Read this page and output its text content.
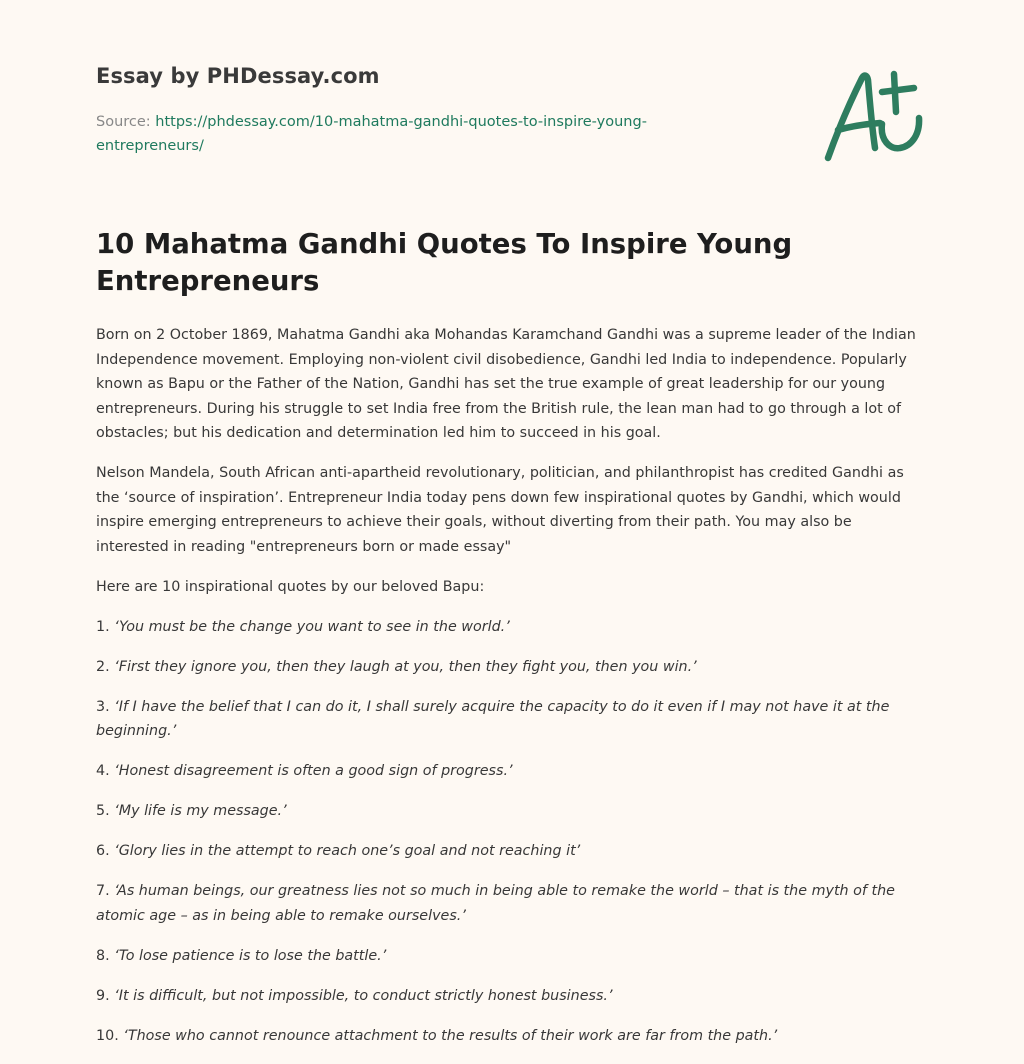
Essay by PHDessay.com
Source: https://phdessay.com/10-mahatma-gandhi-quotes-to-inspire-young-entrepreneurs/
10 Mahatma Gandhi Quotes To Inspire Young Entrepreneurs

Born on 2 October 1869, Mahatma Gandhi aka Mohandas Karamchand Gandhi was a supreme leader of the Indian Independence movement. Employing non-violent civil disobedience, Gandhi led India to independence. Popularly known as Bapu or the Father of the Nation, Gandhi has set the true example of great leadership for our young entrepreneurs. During his struggle to set India free from the British rule, the lean man had to go through a lot of obstacles; but his dedication and determination led him to succeed in his goal.

Nelson Mandela, South African anti-apartheid revolutionary, politician, and philanthropist has credited Gandhi as the ‘source of inspiration’. Entrepreneur India today pens down few inspirational quotes by Gandhi, which would inspire emerging entrepreneurs to achieve their goals, without diverting from their path. You may also be interested in reading "entrepreneurs born or made essay"

Here are 10 inspirational quotes by our beloved Bapu:

1. ‘You must be the change you want to see in the world.’

2. ‘First they ignore you, then they laugh at you, then they fight you, then you win.’

3. ‘If I have the belief that I can do it, I shall surely acquire the capacity to do it even if I may not have it at the beginning.’

4. ‘Honest disagreement is often a good sign of progress.’

5. ‘My life is my message.’

6. ‘Glory lies in the attempt to reach one’s goal and not reaching it’

7. ‘As human beings, our greatness lies not so much in being able to remake the world – that is the myth of the atomic age – as in being able to remake ourselves.’

8. ‘To lose patience is to lose the battle.’

9. ‘It is difficult, but not impossible, to conduct strictly honest business.’

10. ‘Those who cannot renounce attachment to the results of their work are far from the path.’
